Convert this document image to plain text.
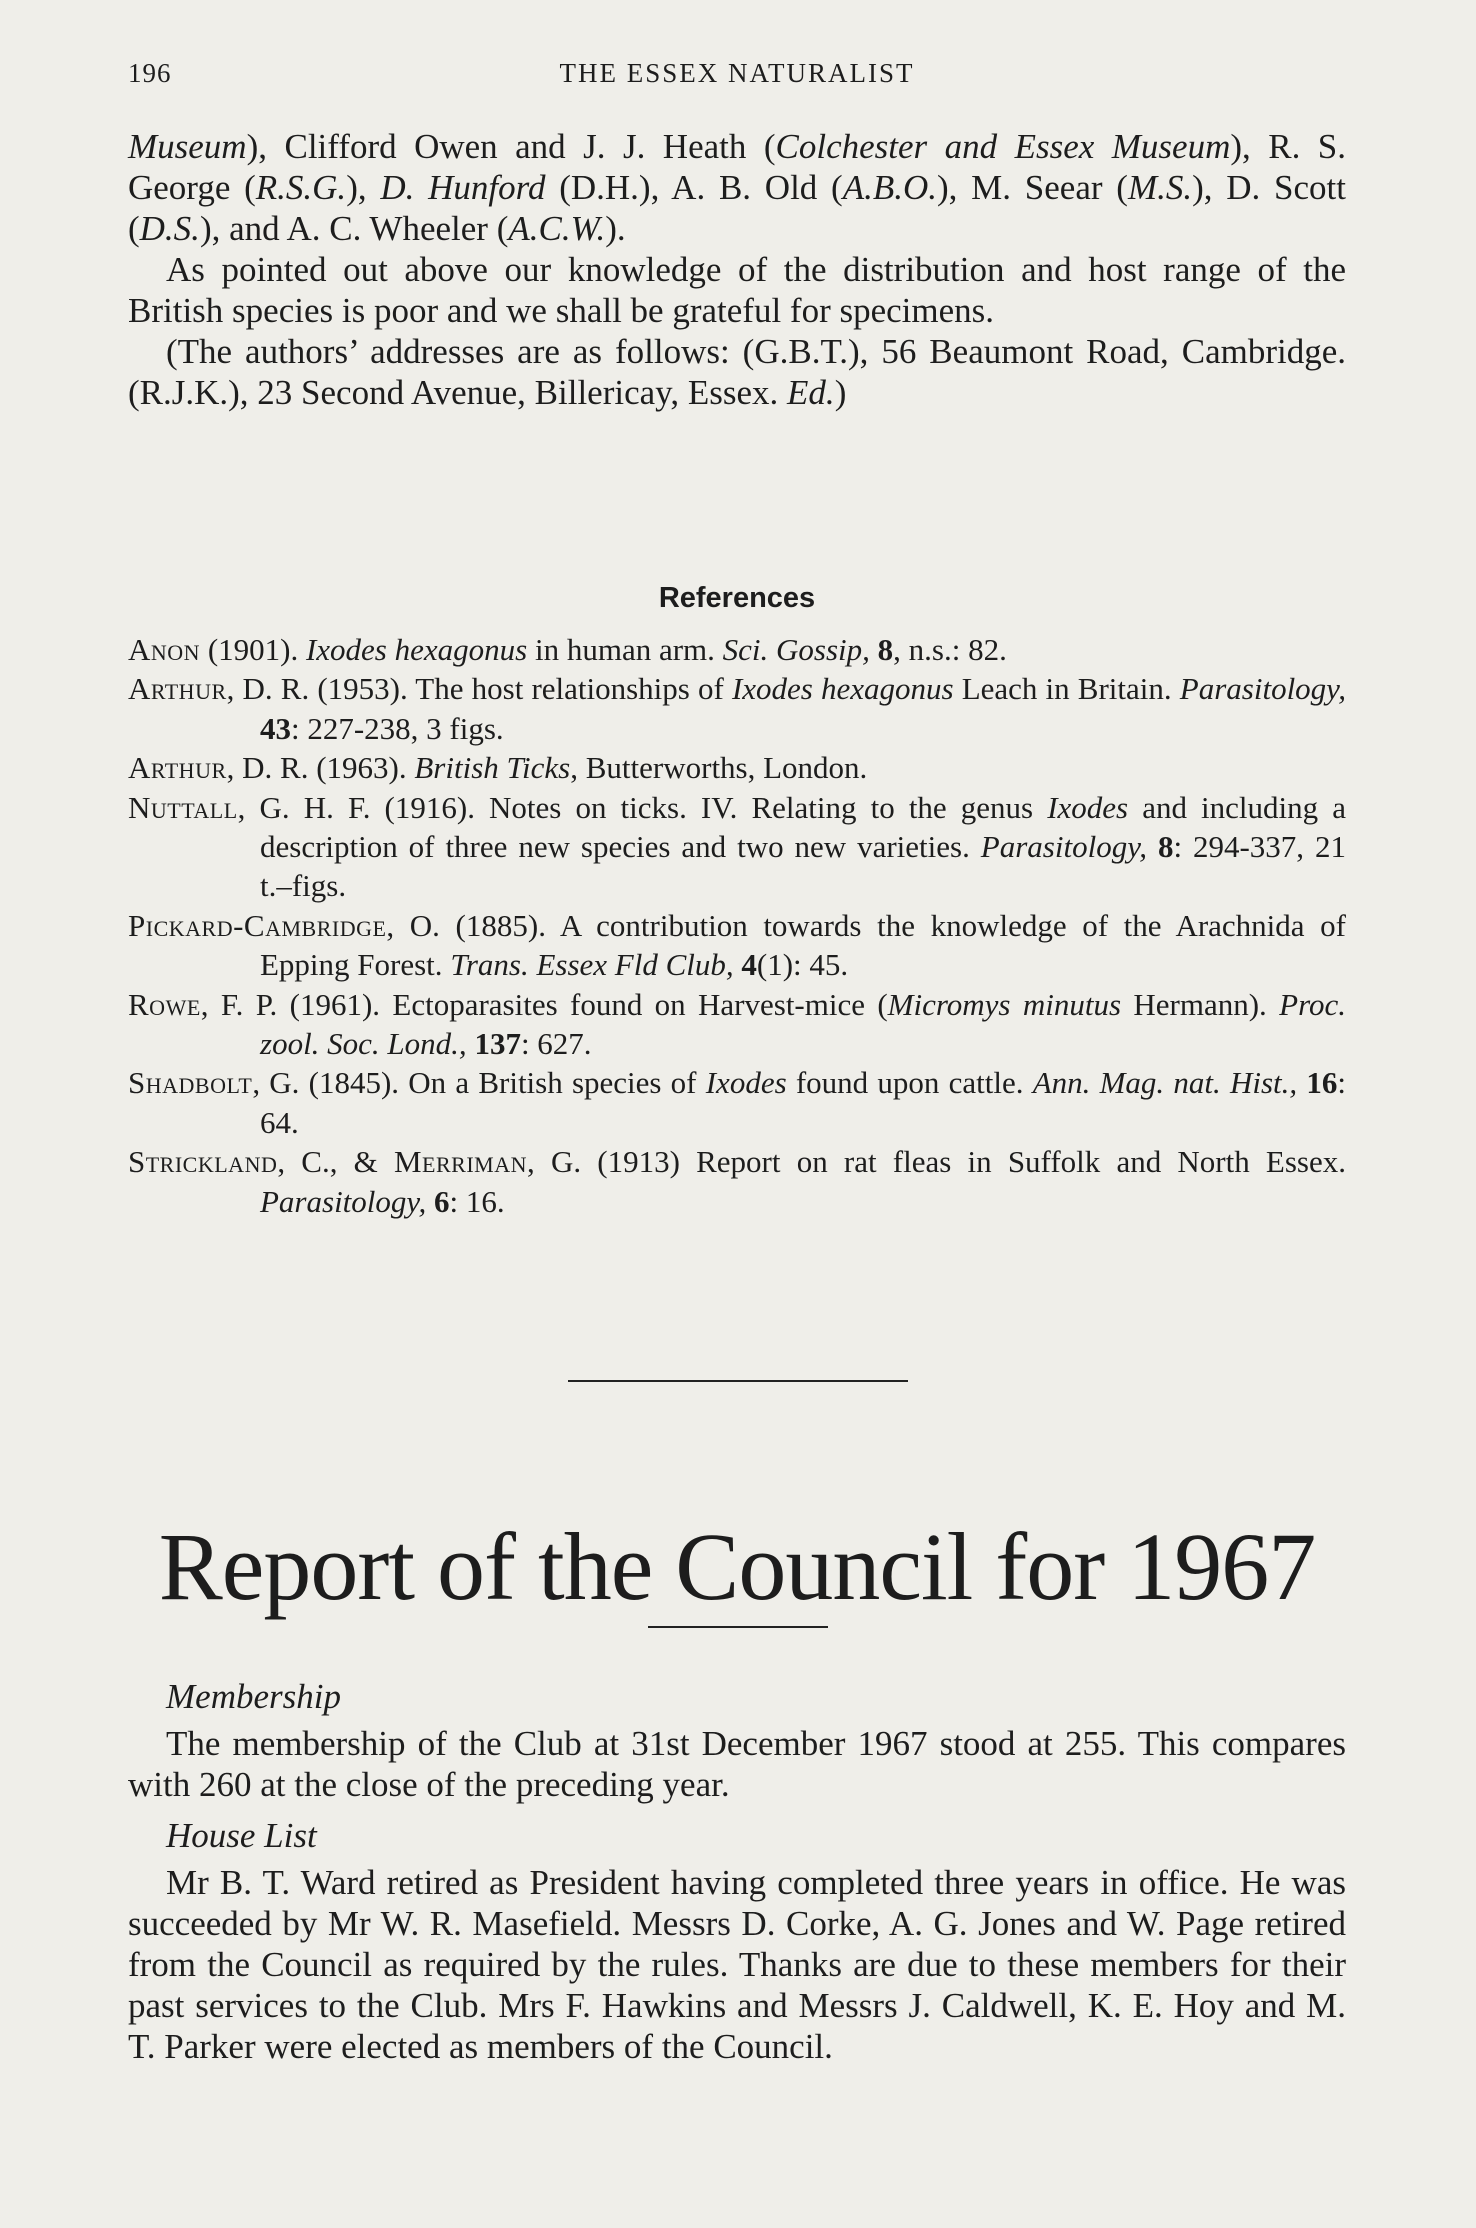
196	THE ESSEX NATURALIST

Museum), Clifford Owen and J. J. Heath (Colchester and Essex Museum), R. S. George (R.S.G.), D. Hunford (D.H.), A. B. Old (A.B.O.), M. Seear (M.S.), D. Scott (D.S.), and A. C. Wheeler (A.C.W.).

As pointed out above our knowledge of the distribution and host range of the British species is poor and we shall be grateful for specimens.

(The authors’ addresses are as follows: (G.B.T.), 56 Beaumont Road, Cambridge. (R.J.K.), 23 Second Avenue, Billericay, Essex. Ed.)

References

Anon (1901). Ixodes hexagonus in human arm. Sci. Gossip, 8, n.s.: 82.

Arthur, D. R. (1953). The host relationships of Ixodes hexagonus Leach in Britain. Parasitology, 43: 227-238, 3 figs.

Arthur, D. R. (1963). British Ticks, Butterworths, London.

Nuttall, G. H. F. (1916). Notes on ticks. IV. Relating to the genus Ixodes and including a description of three new species and two new varieties. Parasitology, 8: 294-337, 21 t.–figs.

Pickard-Cambridge, O. (1885). A contribution towards the knowledge of the Arachnida of Epping Forest. Trans. Essex Fld Club, 4(1): 45.

Rowe, F. P. (1961). Ectoparasites found on Harvest-mice (Micromys minutus Hermann). Proc. zool. Soc. Lond., 137: 627.

Shadbolt, G. (1845). On a British species of Ixodes found upon cattle. Ann. Mag. nat. Hist., 16: 64.

Strickland, C., & Merriman, G. (1913) Report on rat fleas in Suffolk and North Essex. Parasitology, 6: 16.

Report of the Council for 1967
Membership

The membership of the Club at 31st December 1967 stood at 255. This compares with 260 at the close of the preceding year.

House List

Mr B. T. Ward retired as President having completed three years in office. He was succeeded by Mr W. R. Masefield. Messrs D. Corke, A. G. Jones and W. Page retired from the Council as required by the rules. Thanks are due to these members for their past services to the Club. Mrs F. Hawkins and Messrs J. Caldwell, K. E. Hoy and M. T. Parker were elected as members of the Council.
